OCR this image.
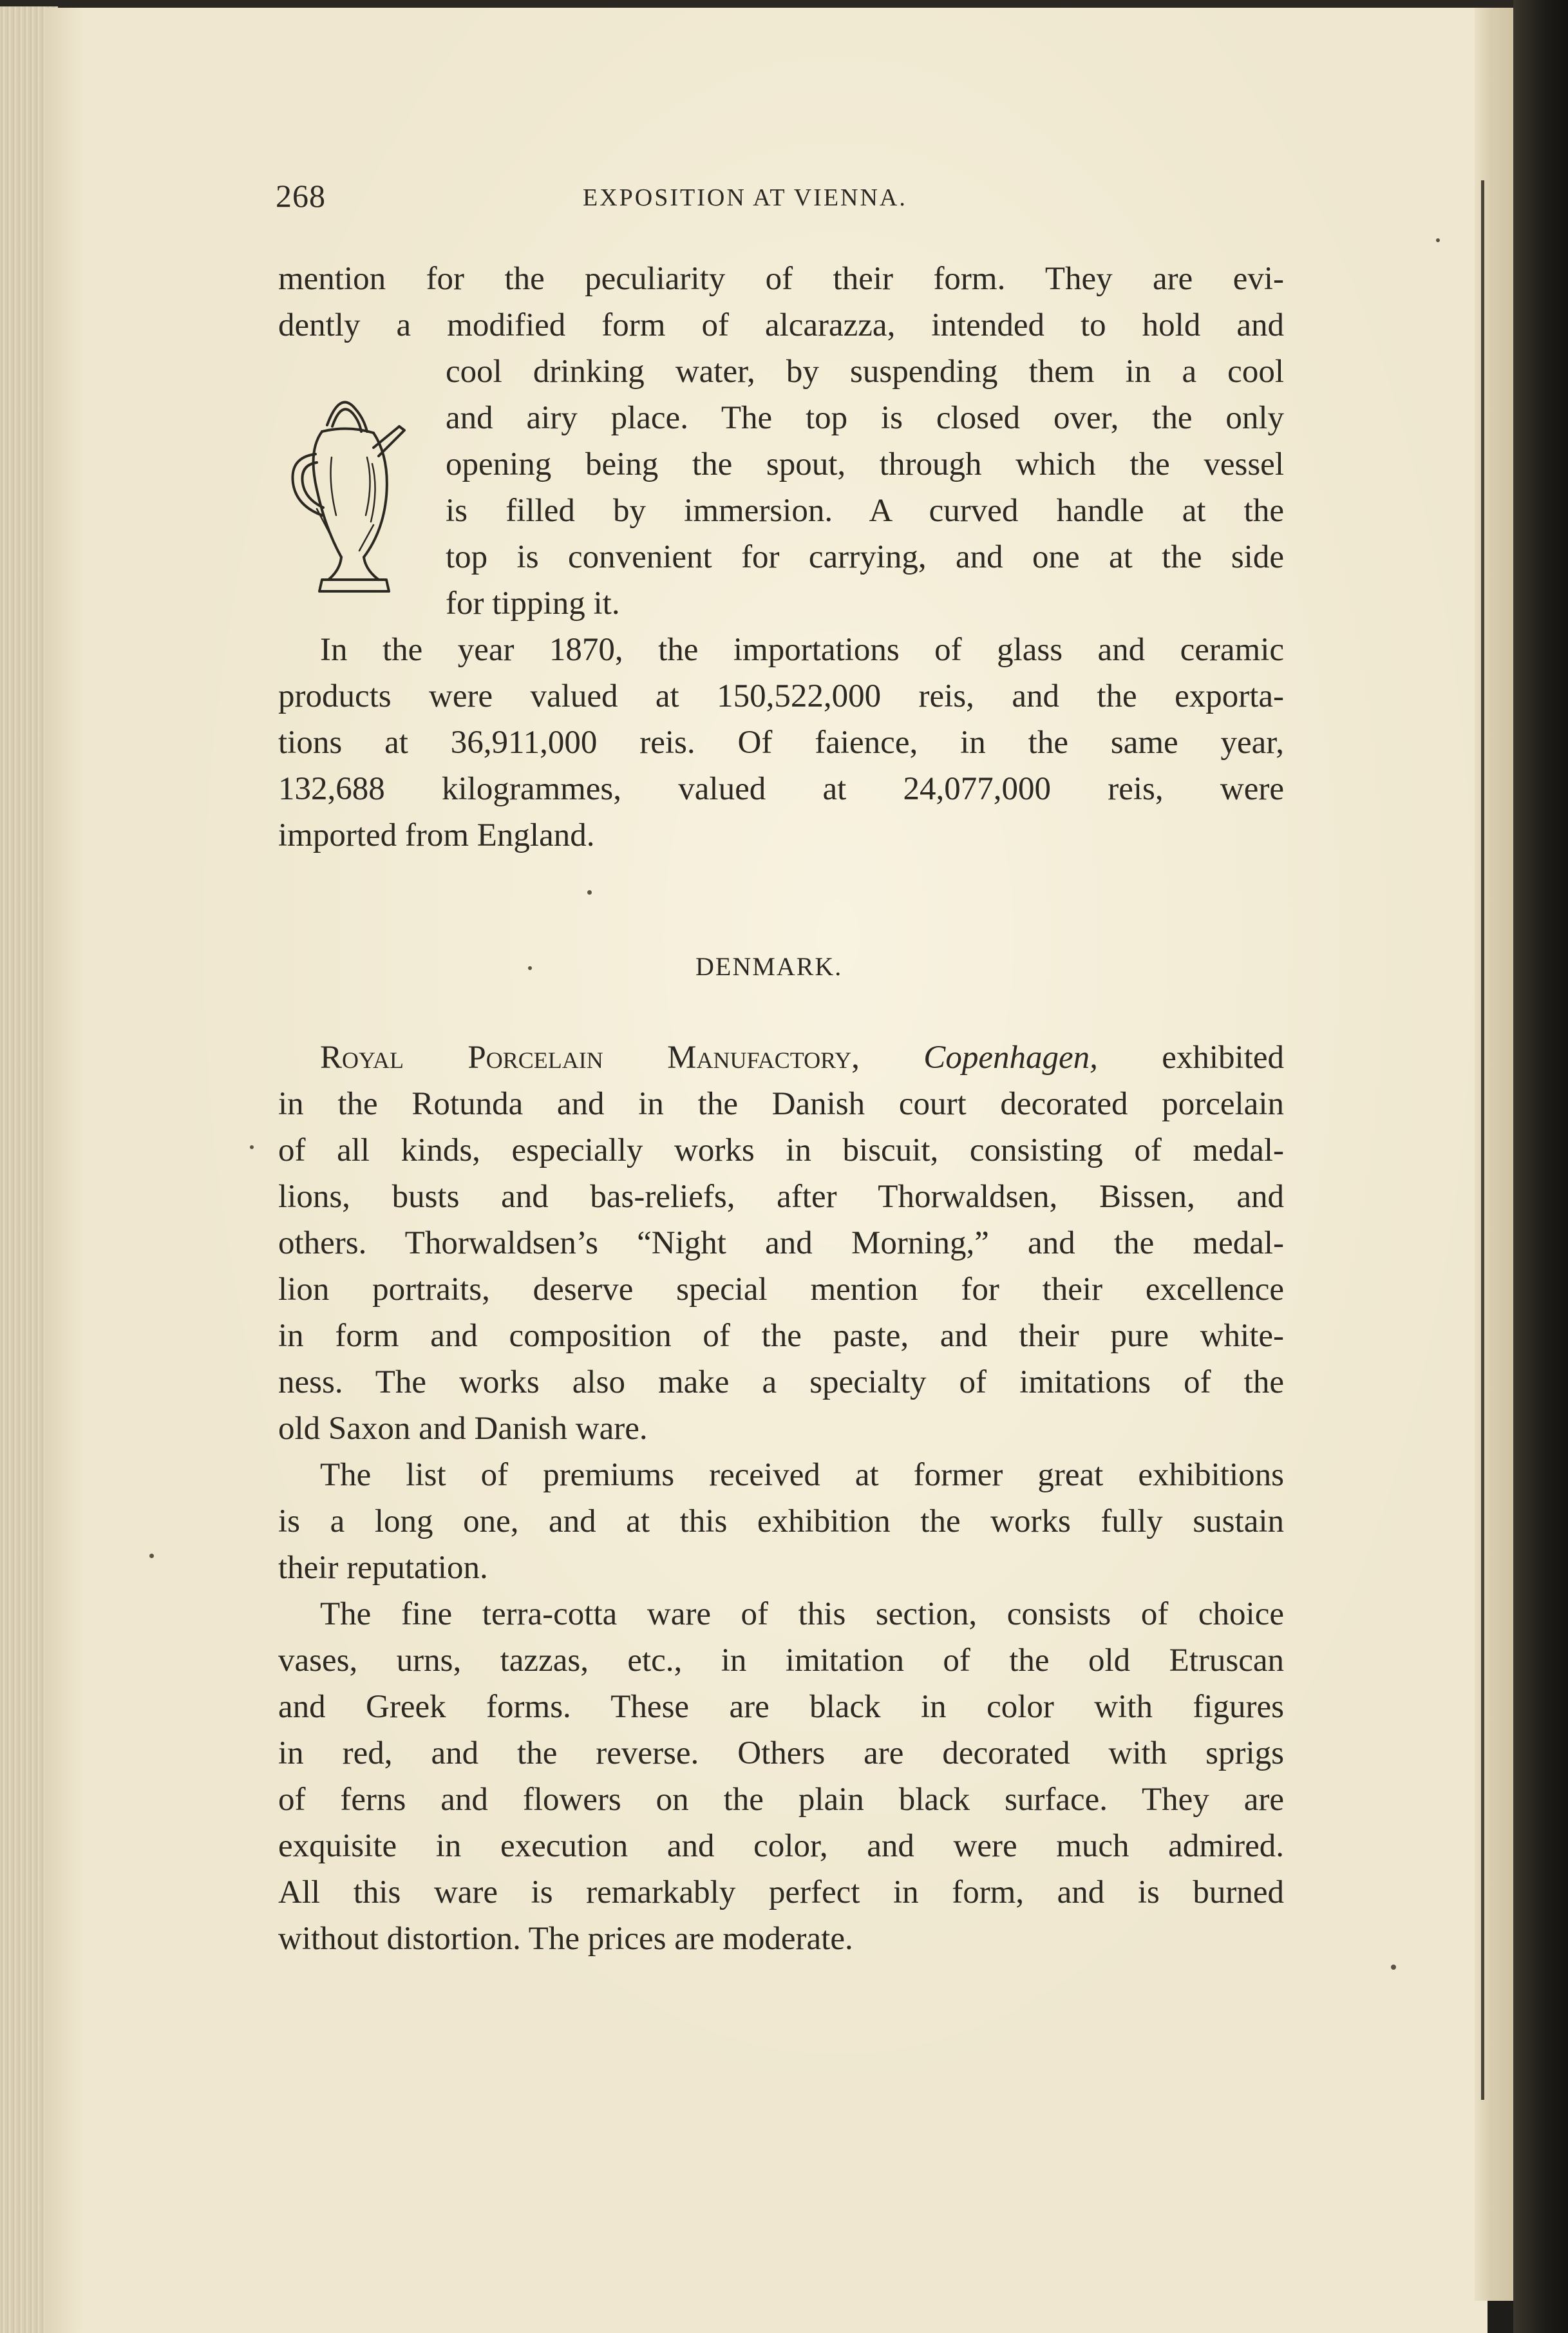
268	EXPOSITION AT VIENNA.
mention for the peculiarity of their form. They are evi-
dently a modified form of alcarazza, intended to hold and
cool drinking water, by suspending them in a cool
and airy place. The top is closed over, the only
opening being the spout, through which the vessel
is filled by immersion. A curved handle at the
top is convenient for carrying, and one at the side
for tipping it.
In the year 1870, the importations of glass and ceramic
products were valued at 150,522,000 reis, and the exporta-
tions at 36,911,000 reis. Of faience, in the same year,
132,688 kilogrammes, valued at 24,077,000 reis, were
imported from England.
DENMARK.
Royal Porcelain Manufactory, Copenhagen, exhibited
in the Rotunda and in the Danish court decorated porcelain
of all kinds, especially works in biscuit, consisting of medal-
lions, busts and bas-reliefs, after Thorwaldsen, Bissen, and
others. Thorwaldsen’s “Night and Morning,” and the medal-
lion portraits, deserve special mention for their excellence
in form and composition of the paste, and their pure white-
ness. The works also make a specialty of imitations of the
old Saxon and Danish ware.
The list of premiums received at former great exhibitions
is a long one, and at this exhibition the works fully sustain
their reputation.
The fine terra-cotta ware of this section, consists of choice
vases, urns, tazzas, etc., in imitation of the old Etruscan
and Greek forms. These are black in color with figures
in red, and the reverse. Others are decorated with sprigs
of ferns and flowers on the plain black surface. They are
exquisite in execution and color, and were much admired.
All this ware is remarkably perfect in form, and is burned
without distortion. The prices are moderate.
